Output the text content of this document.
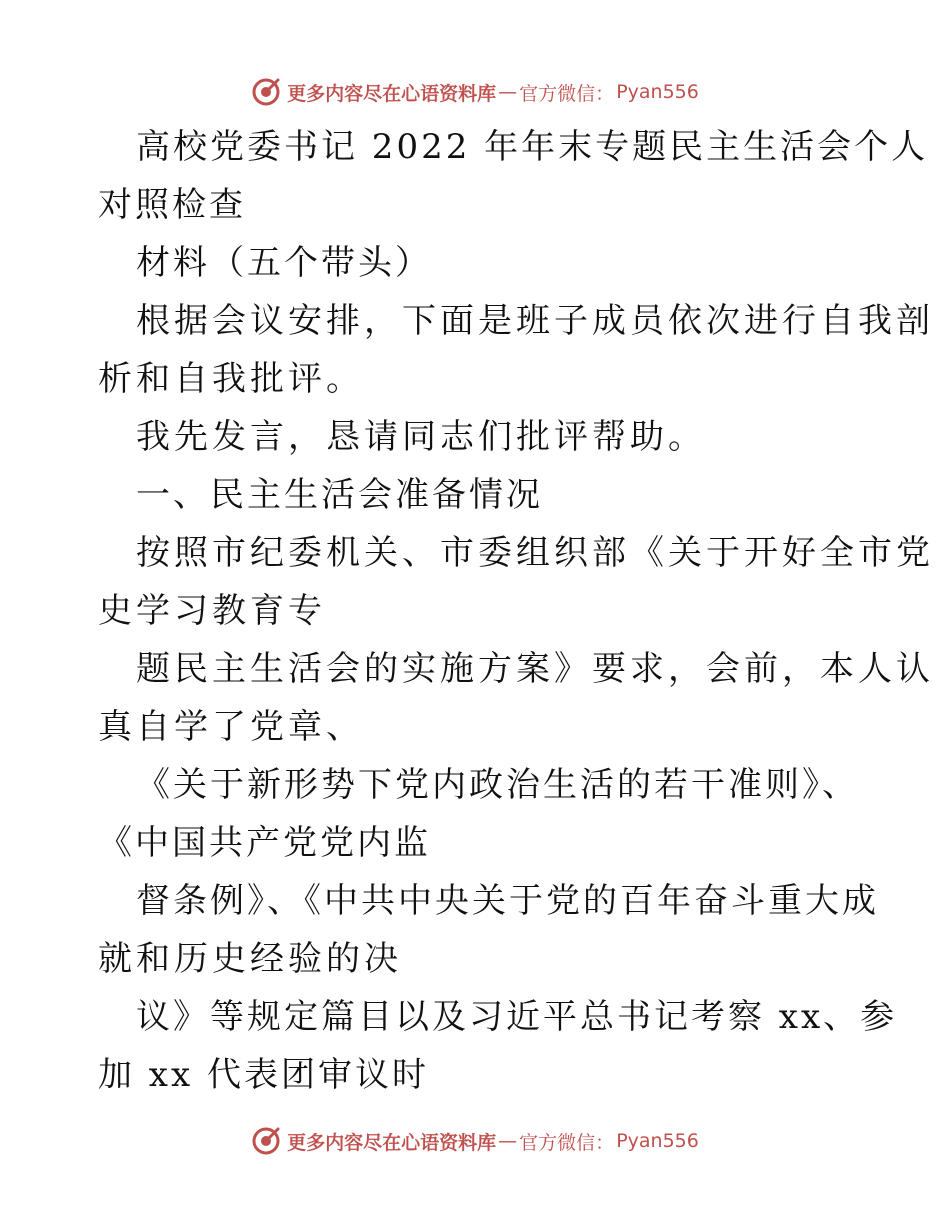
更多内容尽在心语资料库 — 官方微信： Pyan556
高校党委书记 2022 年年末专题民主生活会个人
对照检查
材料（五个带头）
根据会议安排，下面是班子成员依次进行自我剖
析和自我批评。
我先发言，恳请同志们批评帮助。
一、民主生活会准备情况
按照市纪委机关、市委组织部《关于开好全市党
史学习教育专
题民主生活会的实施方案》要求，会前，本人认
真自学了党章、
《关于新形势下党内政治生活的若干准则》、
《中国共产党党内监
督条例》、《中共中央关于党的百年奋斗重大成
就和历史经验的决
议》等规定篇目以及习近平总书记考察 xx、参
加 xx 代表团审议时
更多内容尽在心语资料库 — 官方微信： Pyan556
